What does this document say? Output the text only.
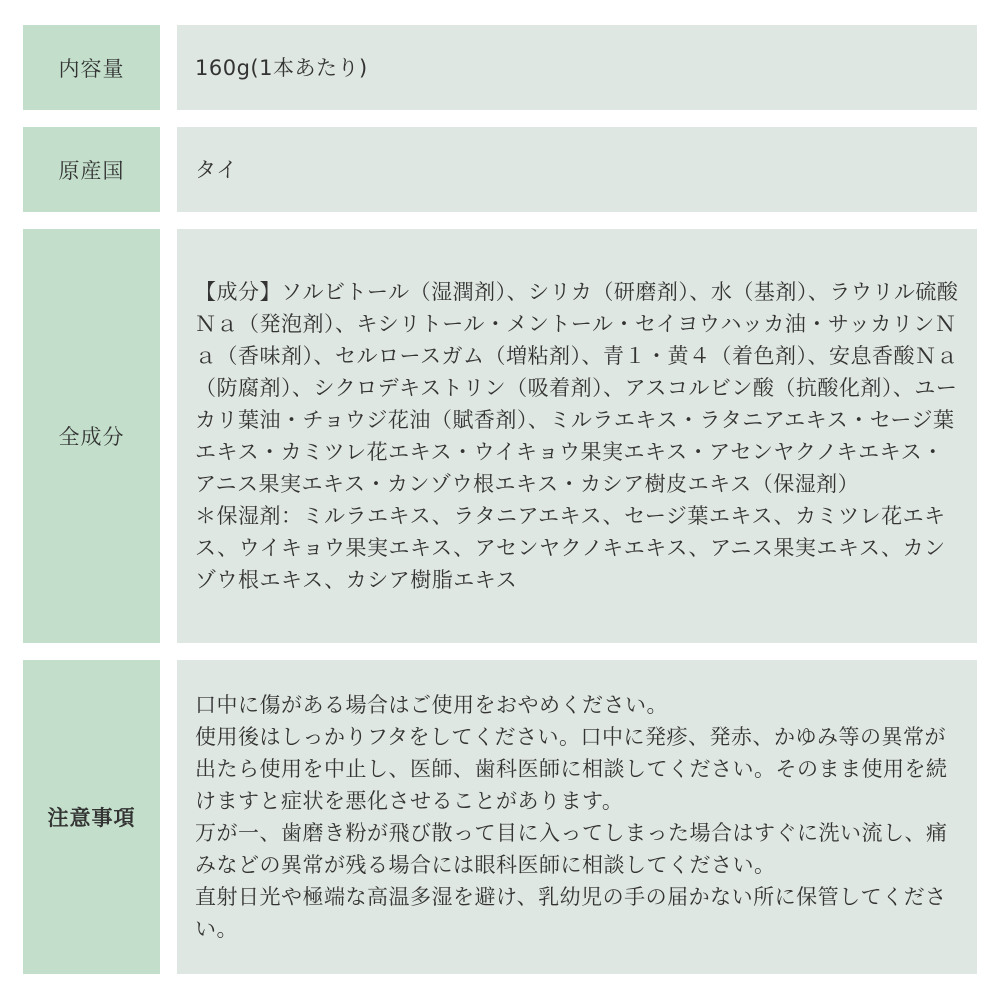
内容量	160g(1本あたり)

原産国	タイ

全成分

【成分】ソルビトール（湿潤剤）、シリカ（研磨剤）、水（基剤）、ラウリル硫酸Ｎａ（発泡剤）、キシリトール・メントール・セイヨウハッカ油・サッカリンＮａ（香味剤）、セルロースガム（増粘剤）、青１・黄４（着色剤）、安息香酸Ｎａ（防腐剤）、シクロデキストリン（吸着剤）、アスコルビン酸（抗酸化剤）、ユーカリ葉油・チョウジ花油（賦香剤）、ミルラエキス・ラタニアエキス・セージ葉エキス・カミツレ花エキス・ウイキョウ果実エキス・アセンヤクノキエキス・アニス果実エキス・カンゾウ根エキス・カシア樹皮エキス（保湿剤）

＊保湿剤：ミルラエキス、ラタニアエキス、セージ葉エキス、カミツレ花エキス、ウイキョウ果実エキス、アセンヤクノキエキス、アニス果実エキス、カンゾウ根エキス、カシア樹脂エキス

注意事項

口中に傷がある場合はご使用をおやめください。

使用後はしっかりフタをしてください。口中に発疹、発赤、かゆみ等の異常が出たら使用を中止し、医師、歯科医師に相談してください。そのまま使用を続けますと症状を悪化させることがあります。

万が一、歯磨き粉が飛び散って目に入ってしまった場合はすぐに洗い流し、痛みなどの異常が残る場合には眼科医師に相談してください。

直射日光や極端な高温多湿を避け、乳幼児の手の届かない所に保管してください。
